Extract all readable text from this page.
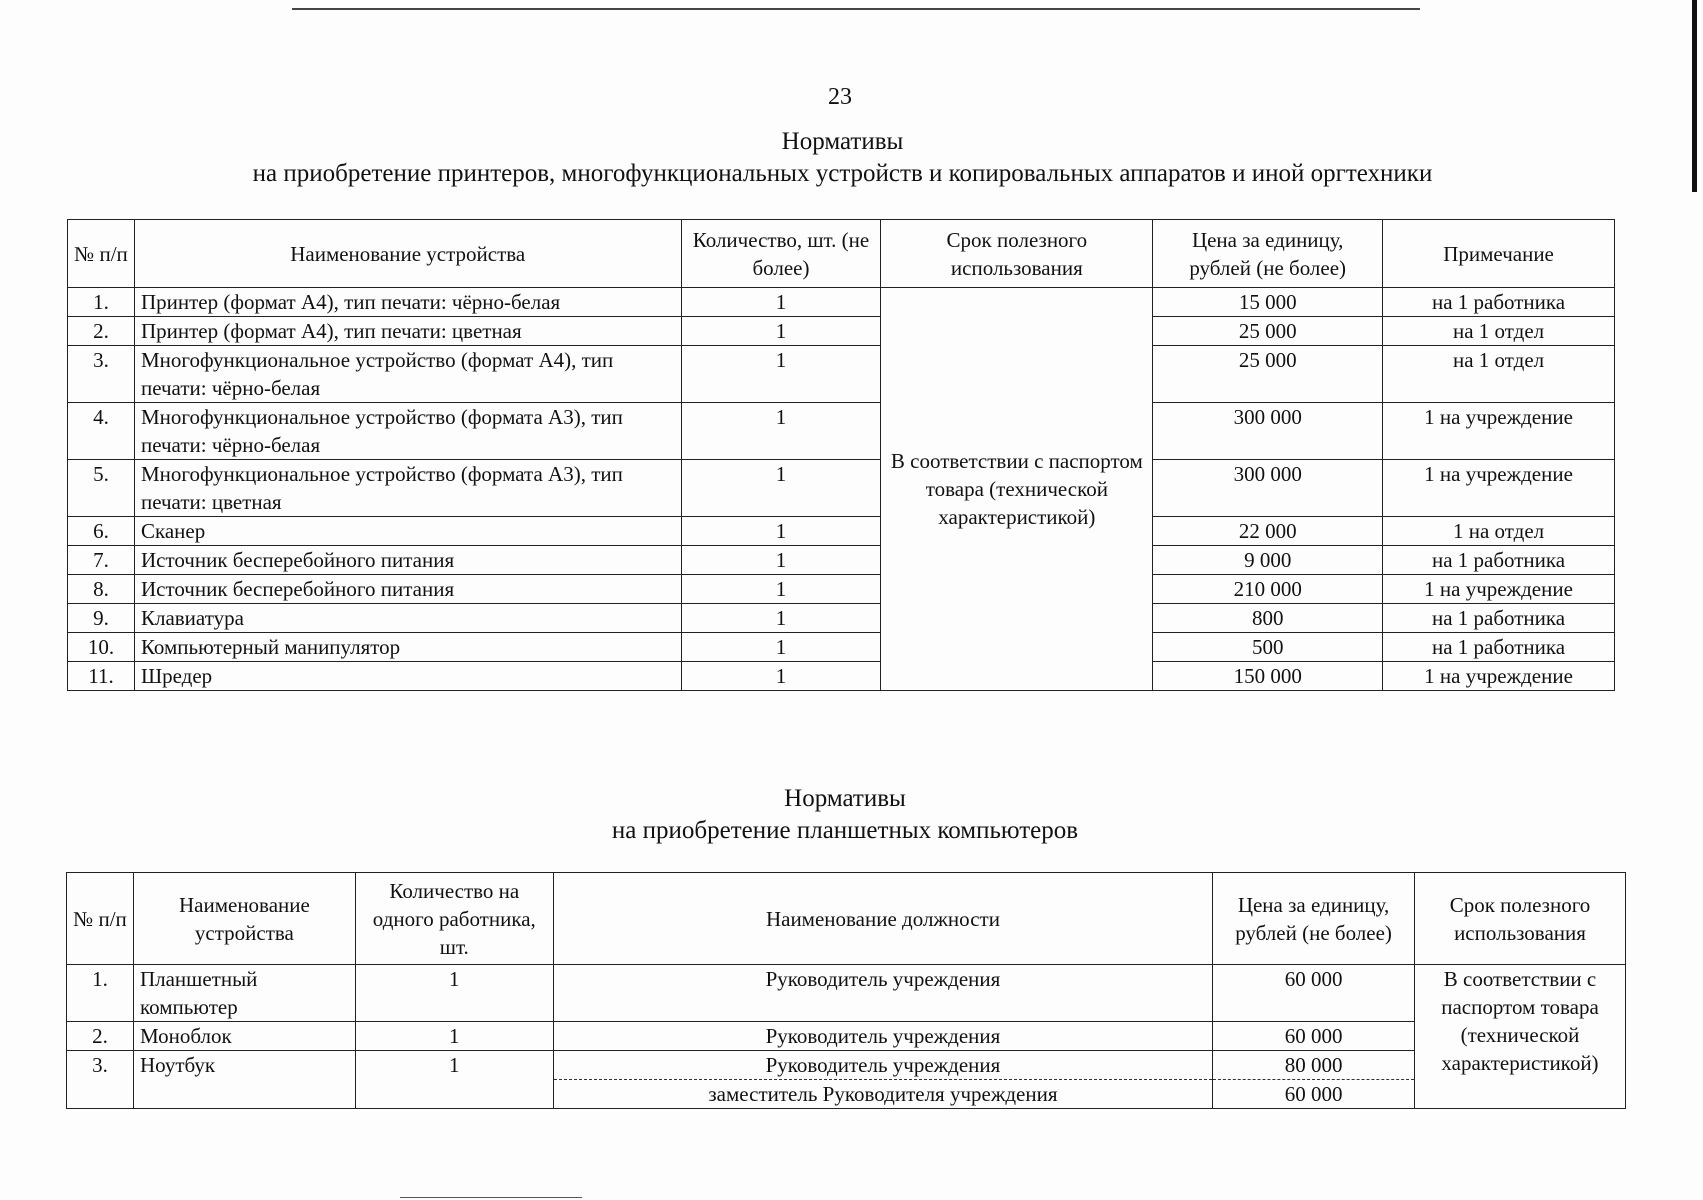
23
Нормативы
на приобретение принтеров, многофункциональных устройств и копировальных аппаратов и иной оргтехники
№ п/п	Наименование устройства	Количество, шт. (не более)	Срок полезного использования	Цена за единицу, рублей (не более)	Примечание
1.	Принтер (формат А4), тип печати: чёрно-белая	1	В соответствии с паспортом товара (технической характеристикой)	15 000	на 1 работника
2.	Принтер (формат А4), тип печати: цветная	1		25 000	на 1 отдел
3.	Многофункциональное устройство (формат А4), тип печати: чёрно-белая	1		25 000	на 1 отдел
4.	Многофункциональное устройство (формата А3), тип печати: чёрно-белая	1		300 000	1 на учреждение
5.	Многофункциональное устройство (формата А3), тип печати: цветная	1		300 000	1 на учреждение
6.	Сканер	1		22 000	1 на отдел
7.	Источник бесперебойного питания	1		9 000	на 1 работника
8.	Источник бесперебойного питания	1		210 000	1 на учреждение
9.	Клавиатура	1		800	на 1 работника
10.	Компьютерный манипулятор	1		500	на 1 работника
11.	Шредер	1		150 000	1 на учреждение
Нормативы
на приобретение планшетных компьютеров
№ п/п	Наименование устройства	Количество на одного работника, шт.	Наименование должности	Цена за единицу, рублей (не более)	Срок полезного использования
1.	Планшетный компьютер	1	Руководитель учреждения	60 000	В соответствии с паспортом товара (технической характеристикой)
2.	Моноблок	1	Руководитель учреждения	60 000	
3.	Ноутбук	1	Руководитель учреждения	80 000	
			заместитель Руководителя учреждения	60 000	
